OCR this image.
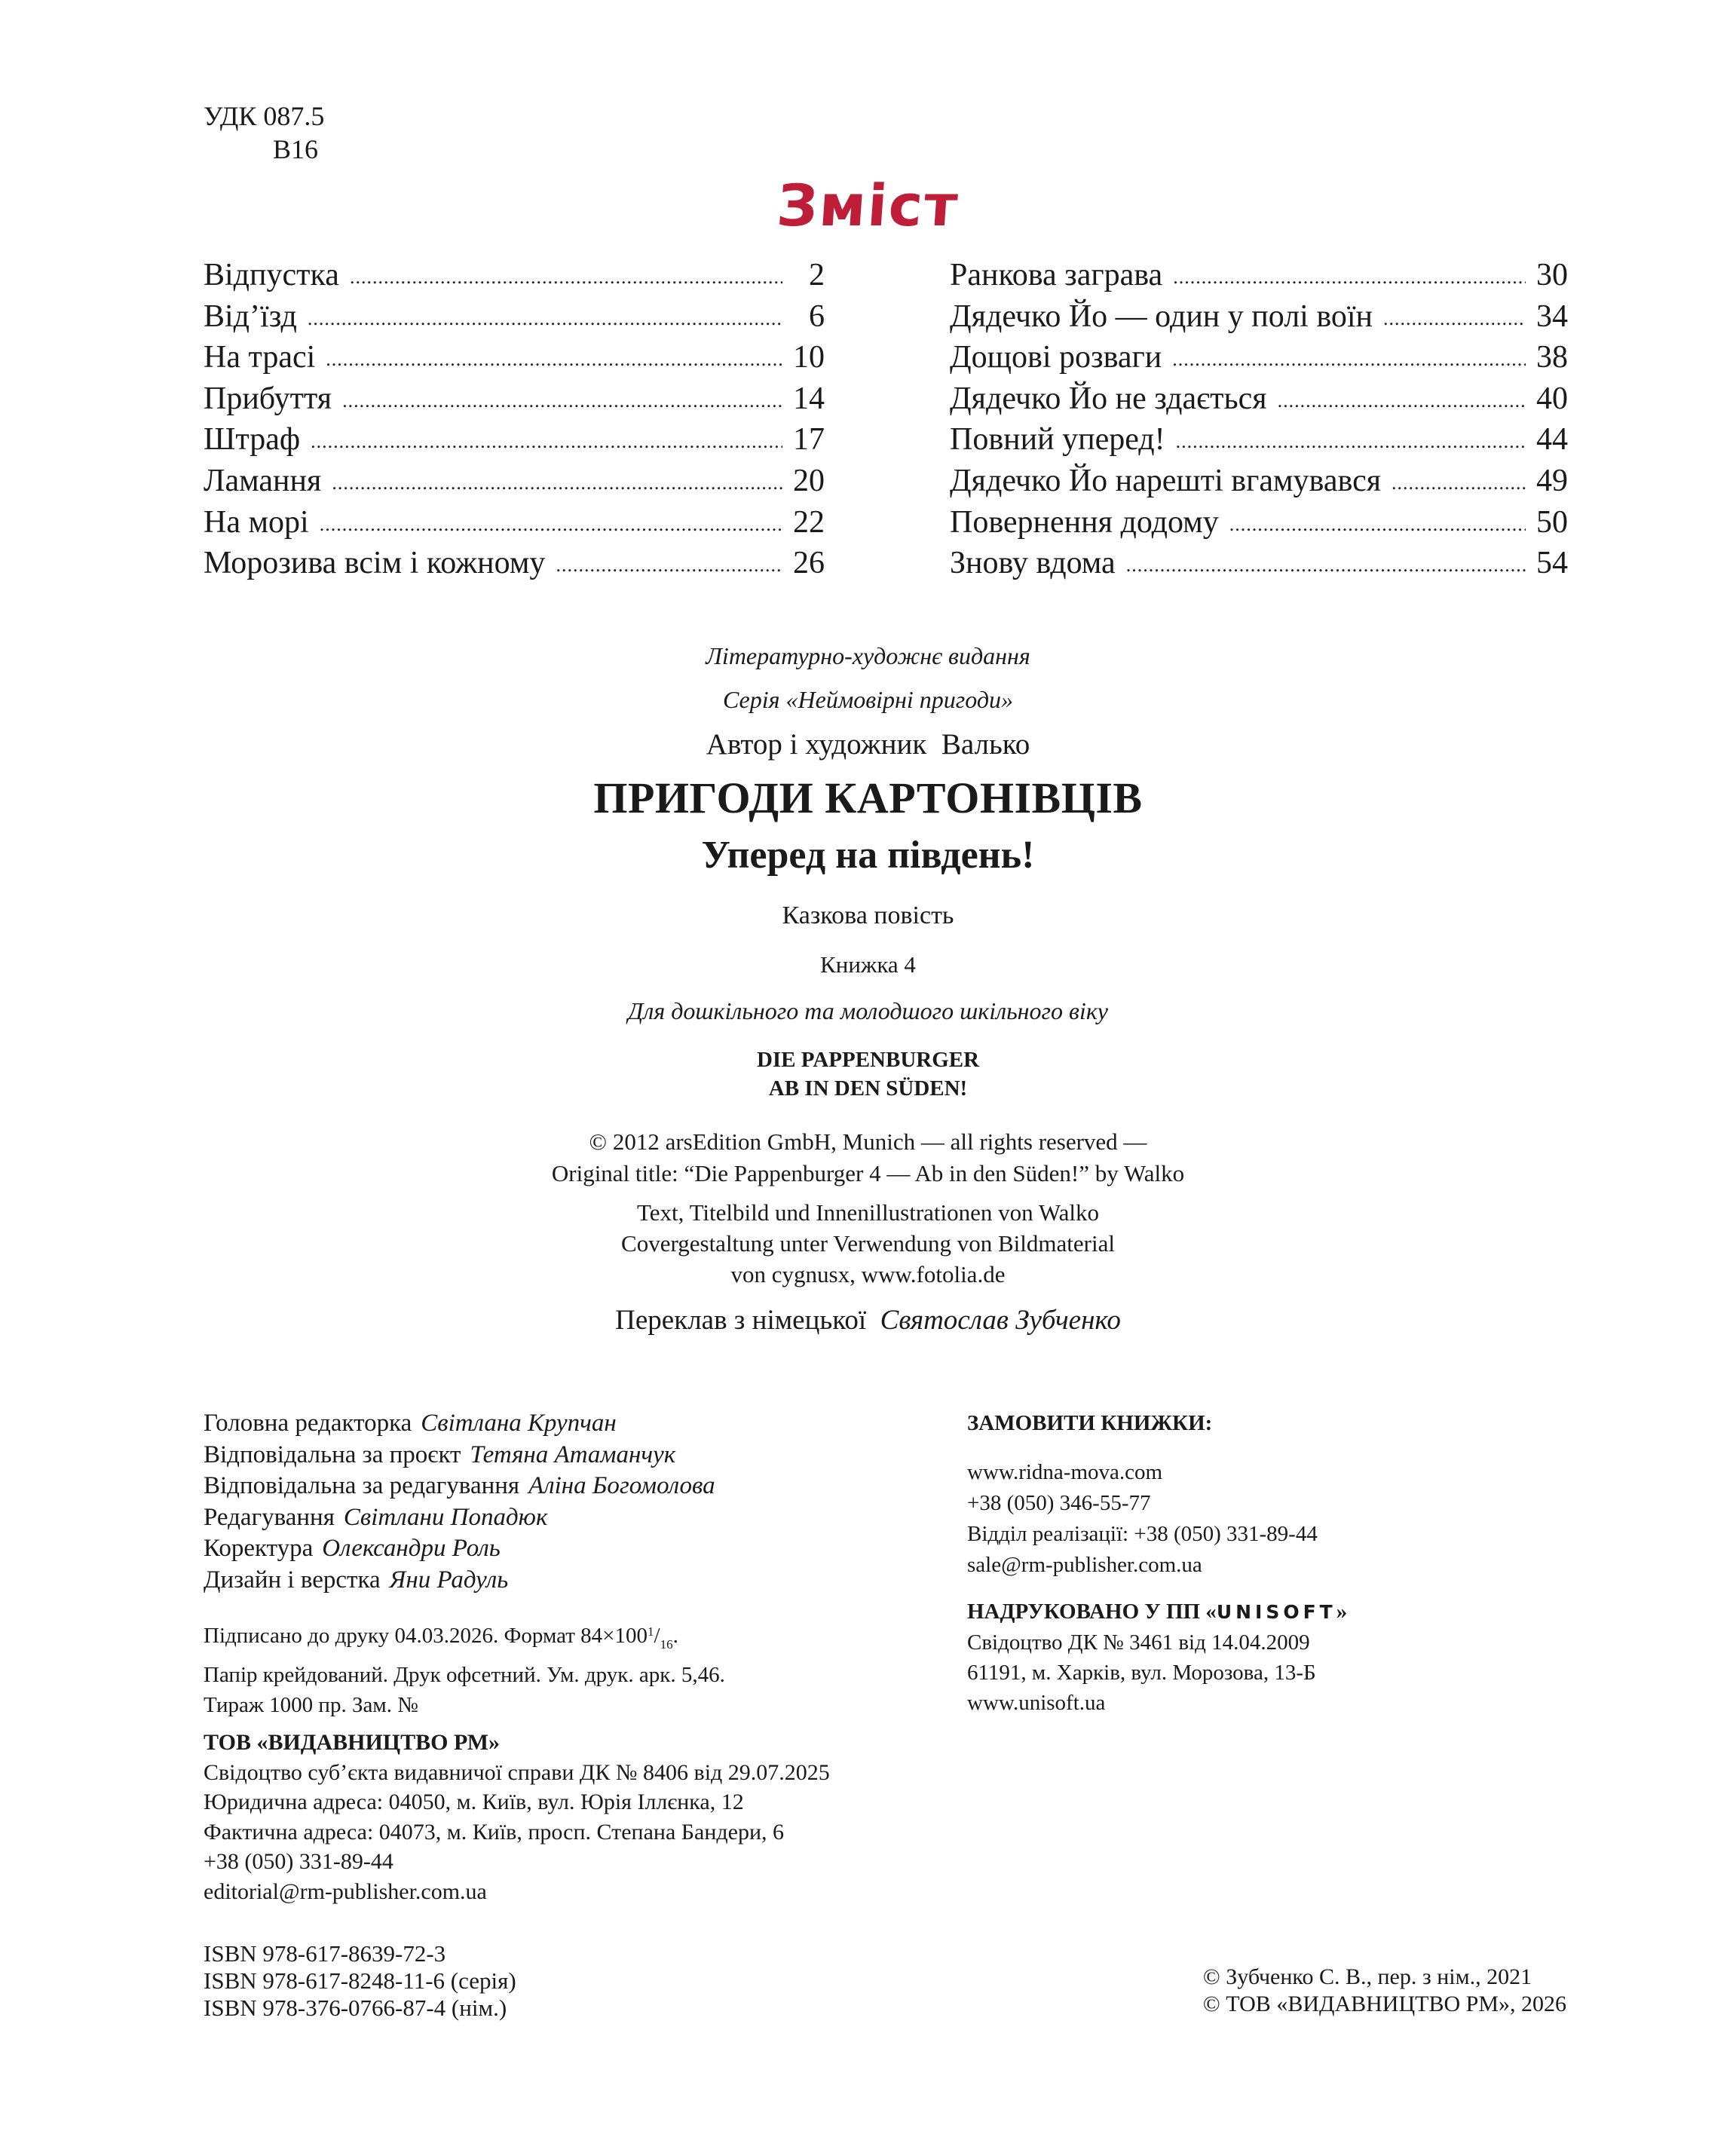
УДК 087.5
В16
Зміст
Відпустка .....	2
Від’їзд .....	6
На трасі .....	10
Прибуття .....	14
Штраф .....	17
Ламання .....	20
На морі .....	22
Морозива всім і кожному .....	26
Ранкова заграва .....	30
Дядечко Йо — один у полі воїн .....	34
Дощові розваги .....	38
Дядечко Йо не здається .....	40
Повний уперед! .....	44
Дядечко Йо нарешті вгамувався .....	49
Повернення додому .....	50
Знову вдома .....	54
Літературно-художнє видання
Серія «Неймовірні пригоди»
Автор і художник Валько
ПРИГОДИ КАРТОНІВЦІВ
Уперед на південь!
Казкова повість
Книжка 4
Для дошкільного та молодшого шкільного віку
DIE PAPPENBURGER
AB IN DEN SÜDEN!
© 2012 arsEdition GmbH, Munich — all rights reserved —
Original title: “Die Pappenburger 4 — Ab in den Süden!” by Walko
Text, Titelbild und Innenillustrationen von Walko
Covergestaltung unter Verwendung von Bildmaterial
von cygnusx, www.fotolia.de
Переклав з німецької Святослав Зубченко
Головна редакторка Світлана Крупчан
Відповідальна за проєкт Тетяна Атаманчук
Відповідальна за редагування Аліна Богомолова
Редагування Світлани Попадюк
Коректура Олександри Роль
Дизайн і верстка Яни Радуль
Підписано до друку 04.03.2026. Формат $84\times 100^1/_{16}$.
Папір крейдований. Друк офсетний. Ум. друк. арк. 5,46.
Тираж 1000 пр. Зам. №
ТОВ «ВИДАВНИЦТВО РМ»
Свідоцтво суб’єкта видавничої справи ДК № 8406 від 29.07.2025
Юридична адреса: 04050, м. Київ, вул. Юрія Іллєнка, 12
Фактична адреса: 04073, м. Київ, просп. Степана Бандери, 6
+38 (050) 331-89-44
editorial@rm-publisher.com.ua
ISBN 978-617-8639-72-3
ISBN 978-617-8248-11-6 (серія)
ISBN 978-376-0766-87-4 (нім.)
ЗАМОВИТИ КНИЖКИ:
www.ridna-mova.com
+38 (050) 346-55-77
Відділ реалізації: +38 (050) 331-89-44
sale@rm-publisher.com.ua
НАДРУКОВАНО У ПП «UNISOFT»
Свідоцтво ДК № 3461 від 14.04.2009
61191, м. Харків, вул. Морозова, 13-Б
www.unisoft.ua
© Зубченко С. В., пер. з нім., 2021
© ТОВ «ВИДАВНИЦТВО РМ», 2026
